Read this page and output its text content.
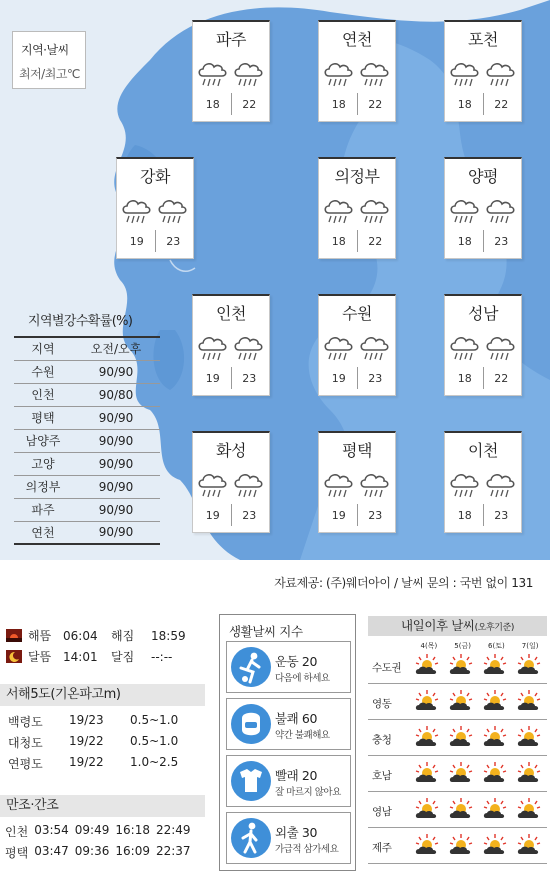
지역·날씨
최저/최고℃
파주
18	22
연천
18	22
포천
18	22
강화
19	23
의정부
18	22
양평
18	23
인천
19	23
수원
19	23
성남
18	22
화성
19	23
평택
19	23
이천
18	23
지역별강수확률(%)
지역	오전/오후
수원	90/90
인천	90/80
평택	90/90
남양주	90/90
고양	90/90
의정부	90/90
파주	90/90
연천	90/90
자료제공: (주)웨더아이 / 날씨 문의 : 국번 없이 131
해뜸 06:04	해짐	18:59
달뜸 14:01	달짐	--:--
서해5도(기온파고m)
백령도	19/23	0.5~1.0
대청도	19/22	0.5~1.0
연평도	19/22	1.0~2.5
만조·간조
인천 03:54 09:49 16:18 22:49
평택 03:47 09:36 16:09 22:37
생활날씨 지수
운동 20
다음에 하세요
불쾌 60
약간 불쾌해요
빨래 20
잘 마르지 않아요
외출 30
가급적 삼가세요
내일이후 날씨(오후기준)
4(목)	5(금)	6(토)	7(일)
수도권
영동
충청
호남
영남
제주
